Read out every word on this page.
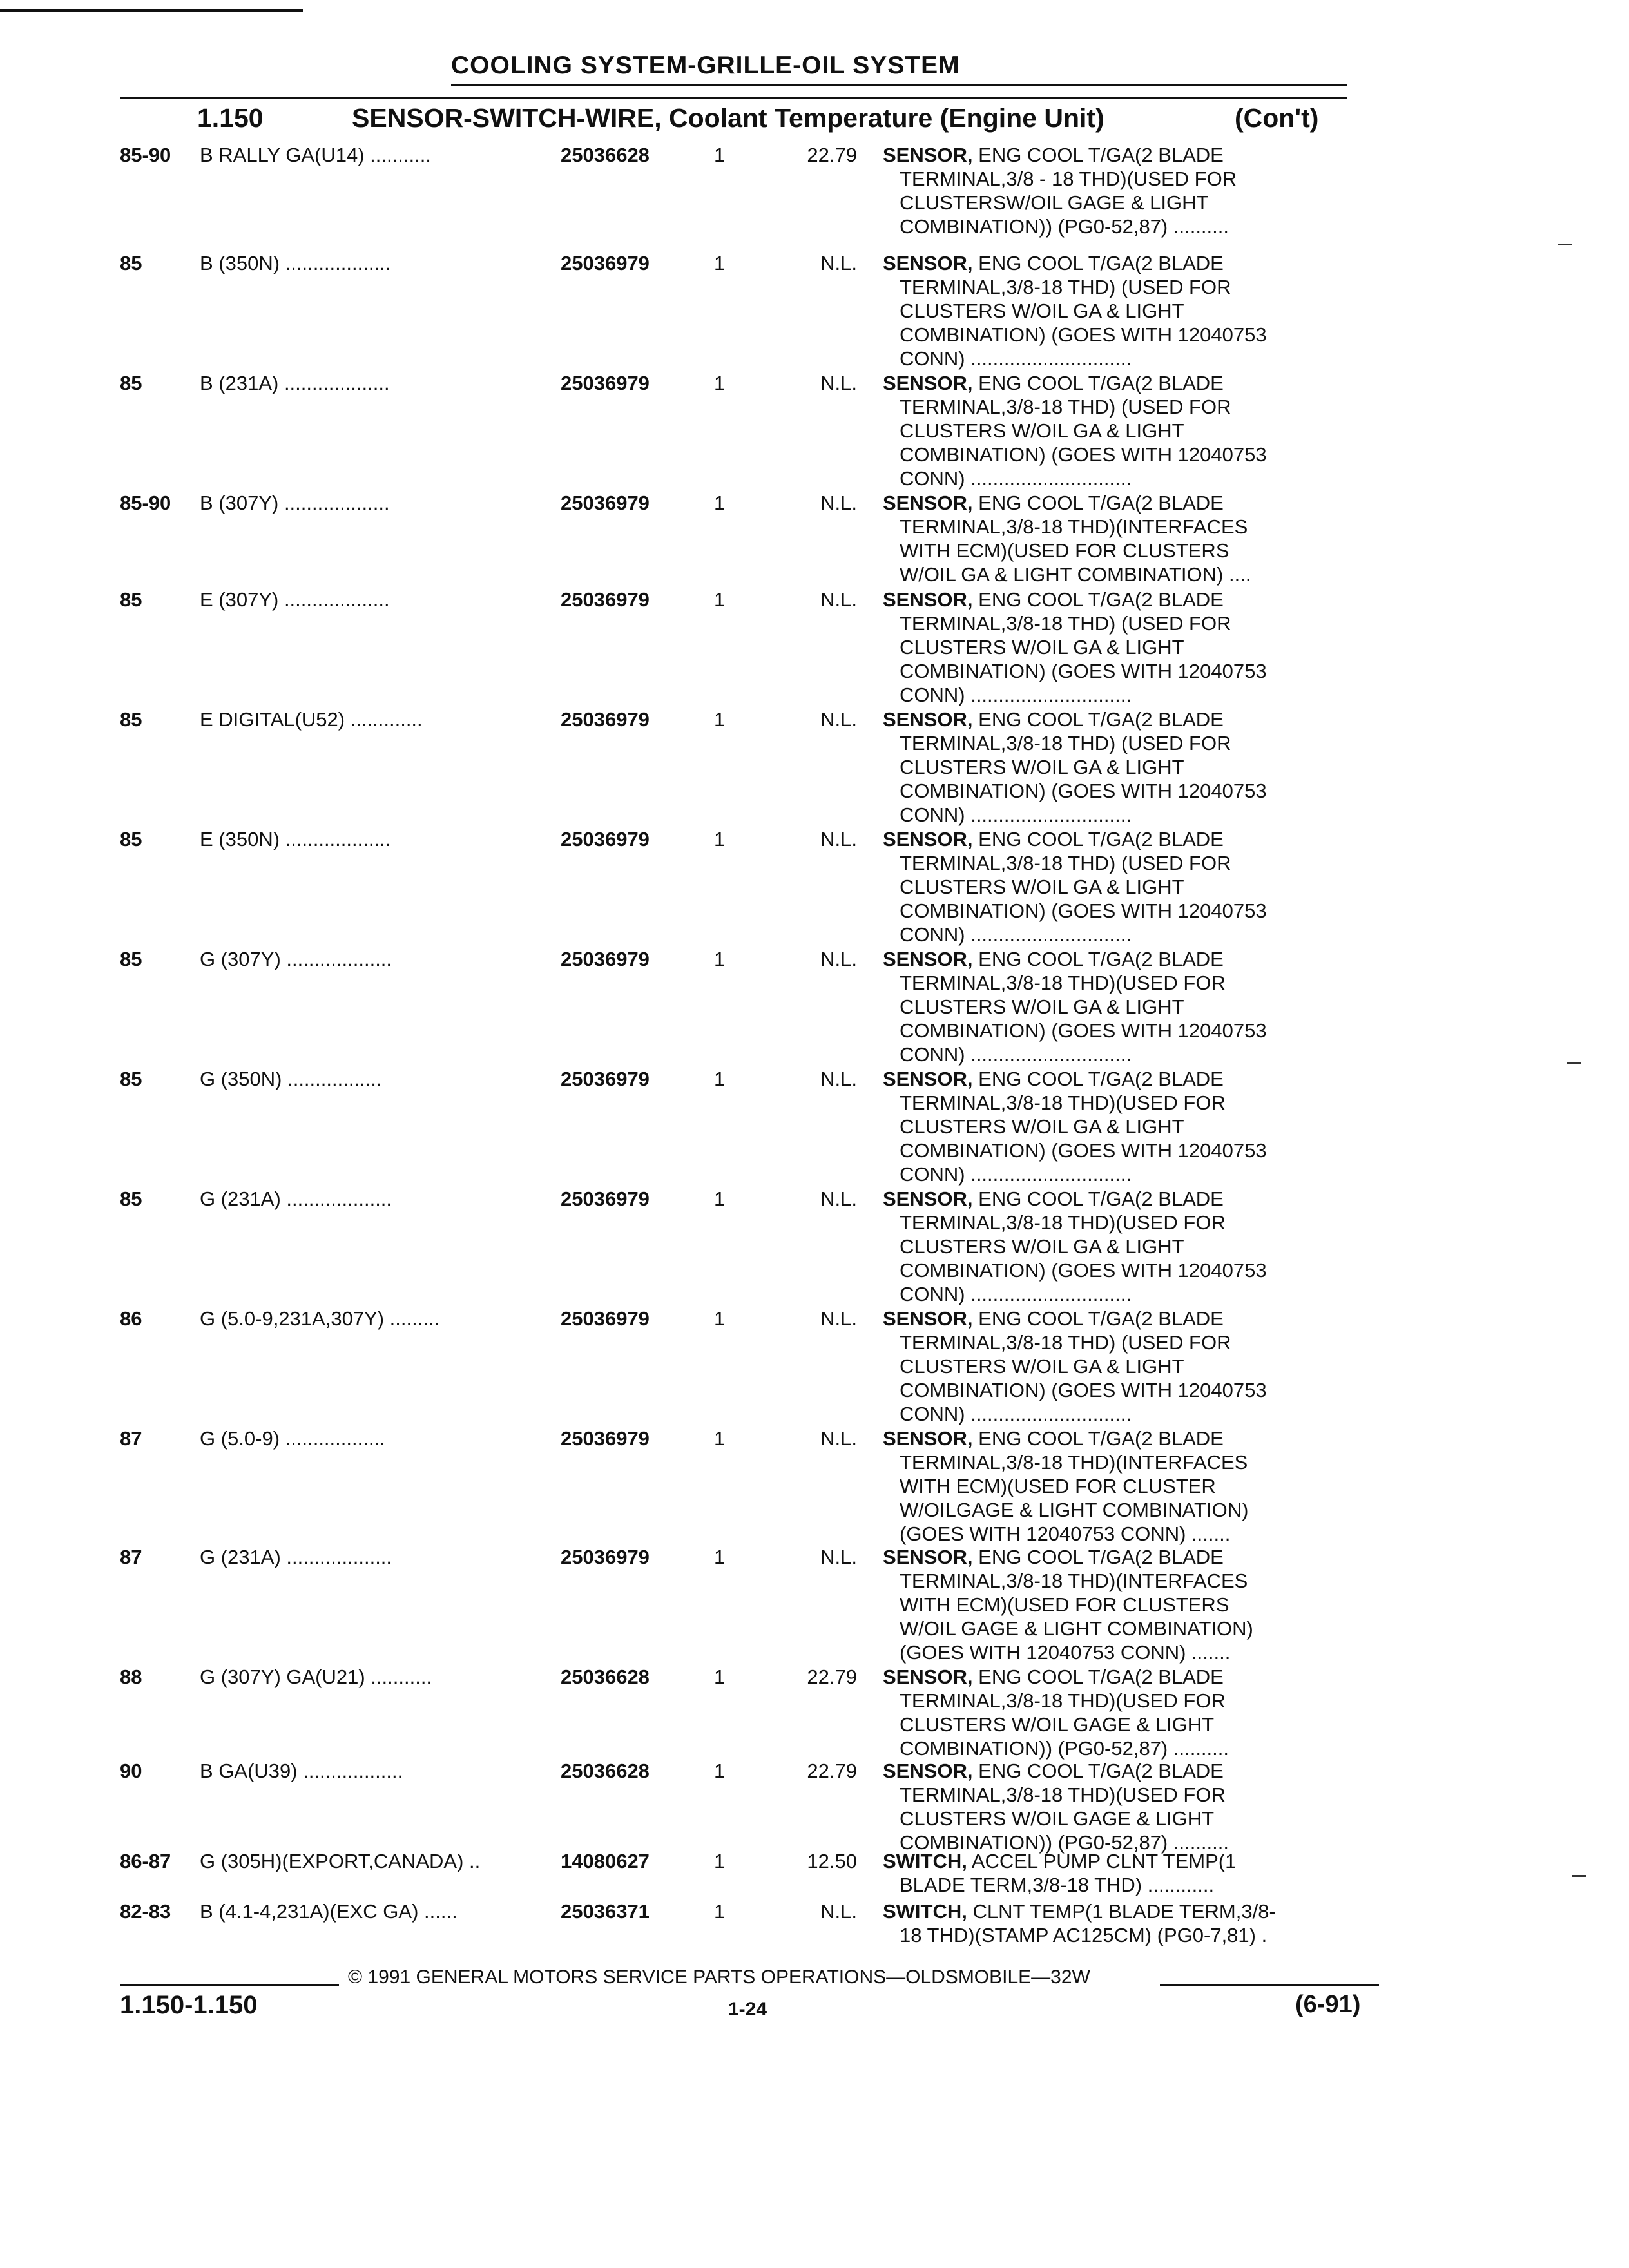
COOLING SYSTEM-GRILLE-OIL SYSTEM
1.150	SENSOR-SWITCH-WIRE, Coolant Temperature (Engine Unit)	(Con't)
85-90 B RALLY GA(U14) ...........	25036628	1	22.79 SENSOR, ENG COOL T/GA(2 BLADE
TERMINAL,3/8 - 18 THD)(USED FOR
CLUSTERSW/OIL GAGE & LIGHT
COMBINATION)) (PG0-52,87) ..........
85	B (350N) ...................	25036979	1	N.L. SENSOR, ENG COOL T/GA(2 BLADE
TERMINAL,3/8-18 THD) (USED FOR
CLUSTERS W/OIL GA & LIGHT
COMBINATION) (GOES WITH 12040753
CONN) .............................
85	B (231A) ...................	25036979	1	N.L. SENSOR, ENG COOL T/GA(2 BLADE
TERMINAL,3/8-18 THD) (USED FOR
CLUSTERS W/OIL GA & LIGHT
COMBINATION) (GOES WITH 12040753
CONN) .............................
85-90 B (307Y) ...................	25036979	1	N.L. SENSOR, ENG COOL T/GA(2 BLADE
TERMINAL,3/8-18 THD)(INTERFACES
WITH ECM)(USED FOR CLUSTERS
W/OIL GA & LIGHT COMBINATION) ....
85	E (307Y) ...................	25036979	1	N.L. SENSOR, ENG COOL T/GA(2 BLADE
TERMINAL,3/8-18 THD) (USED FOR
CLUSTERS W/OIL GA & LIGHT
COMBINATION) (GOES WITH 12040753
CONN) .............................
85	E DIGITAL(U52) .............	25036979	1	N.L. SENSOR, ENG COOL T/GA(2 BLADE
TERMINAL,3/8-18 THD) (USED FOR
CLUSTERS W/OIL GA & LIGHT
COMBINATION) (GOES WITH 12040753
CONN) .............................
85	E (350N) ...................	25036979	1	N.L. SENSOR, ENG COOL T/GA(2 BLADE
TERMINAL,3/8-18 THD) (USED FOR
CLUSTERS W/OIL GA & LIGHT
COMBINATION) (GOES WITH 12040753
CONN) .............................
85	G (307Y) ...................	25036979	1	N.L. SENSOR, ENG COOL T/GA(2 BLADE
TERMINAL,3/8-18 THD)(USED FOR
CLUSTERS W/OIL GA & LIGHT
COMBINATION) (GOES WITH 12040753
CONN) .............................
85	G (350N) .................	25036979	1	N.L. SENSOR, ENG COOL T/GA(2 BLADE
TERMINAL,3/8-18 THD)(USED FOR
CLUSTERS W/OIL GA & LIGHT
COMBINATION) (GOES WITH 12040753
CONN) .............................
85	G (231A) ...................	25036979	1	N.L. SENSOR, ENG COOL T/GA(2 BLADE
TERMINAL,3/8-18 THD)(USED FOR
CLUSTERS W/OIL GA & LIGHT
COMBINATION) (GOES WITH 12040753
CONN) .............................
86	G (5.0-9,231A,307Y) .........	25036979	1	N.L. SENSOR, ENG COOL T/GA(2 BLADE
TERMINAL,3/8-18 THD) (USED FOR
CLUSTERS W/OIL GA & LIGHT
COMBINATION) (GOES WITH 12040753
CONN) .............................
87	G (5.0-9) ..................	25036979	1	N.L. SENSOR, ENG COOL T/GA(2 BLADE
TERMINAL,3/8-18 THD)(INTERFACES
WITH ECM)(USED FOR CLUSTER
W/OILGAGE & LIGHT COMBINATION)
(GOES WITH 12040753 CONN) .......
87	G (231A) ...................	25036979	1	N.L. SENSOR, ENG COOL T/GA(2 BLADE
TERMINAL,3/8-18 THD)(INTERFACES
WITH ECM)(USED FOR CLUSTERS
W/OIL GAGE & LIGHT COMBINATION)
(GOES WITH 12040753 CONN) .......
88	G (307Y) GA(U21) ...........	25036628	1	22.79 SENSOR, ENG COOL T/GA(2 BLADE
TERMINAL,3/8-18 THD)(USED FOR
CLUSTERS W/OIL GAGE & LIGHT
COMBINATION)) (PG0-52,87) ..........
90	B GA(U39) ..................	25036628	1	22.79 SENSOR, ENG COOL T/GA(2 BLADE
TERMINAL,3/8-18 THD)(USED FOR
CLUSTERS W/OIL GAGE & LIGHT
COMBINATION)) (PG0-52,87) ..........
86-87 G (305H)(EXPORT,CANADA) ..	14080627	1	12.50 SWITCH, ACCEL PUMP CLNT TEMP(1
BLADE TERM,3/8-18 THD) ............
82-83 B (4.1-4,231A)(EXC GA) ......	25036371	1	N.L. SWITCH, CLNT TEMP(1 BLADE TERM,3/8-
18 THD)(STAMP AC125CM) (PG0-7,81) .
© 1991 GENERAL MOTORS SERVICE PARTS OPERATIONS—OLDSMOBILE—32W
1.150-1.150	1-24	(6-91)
